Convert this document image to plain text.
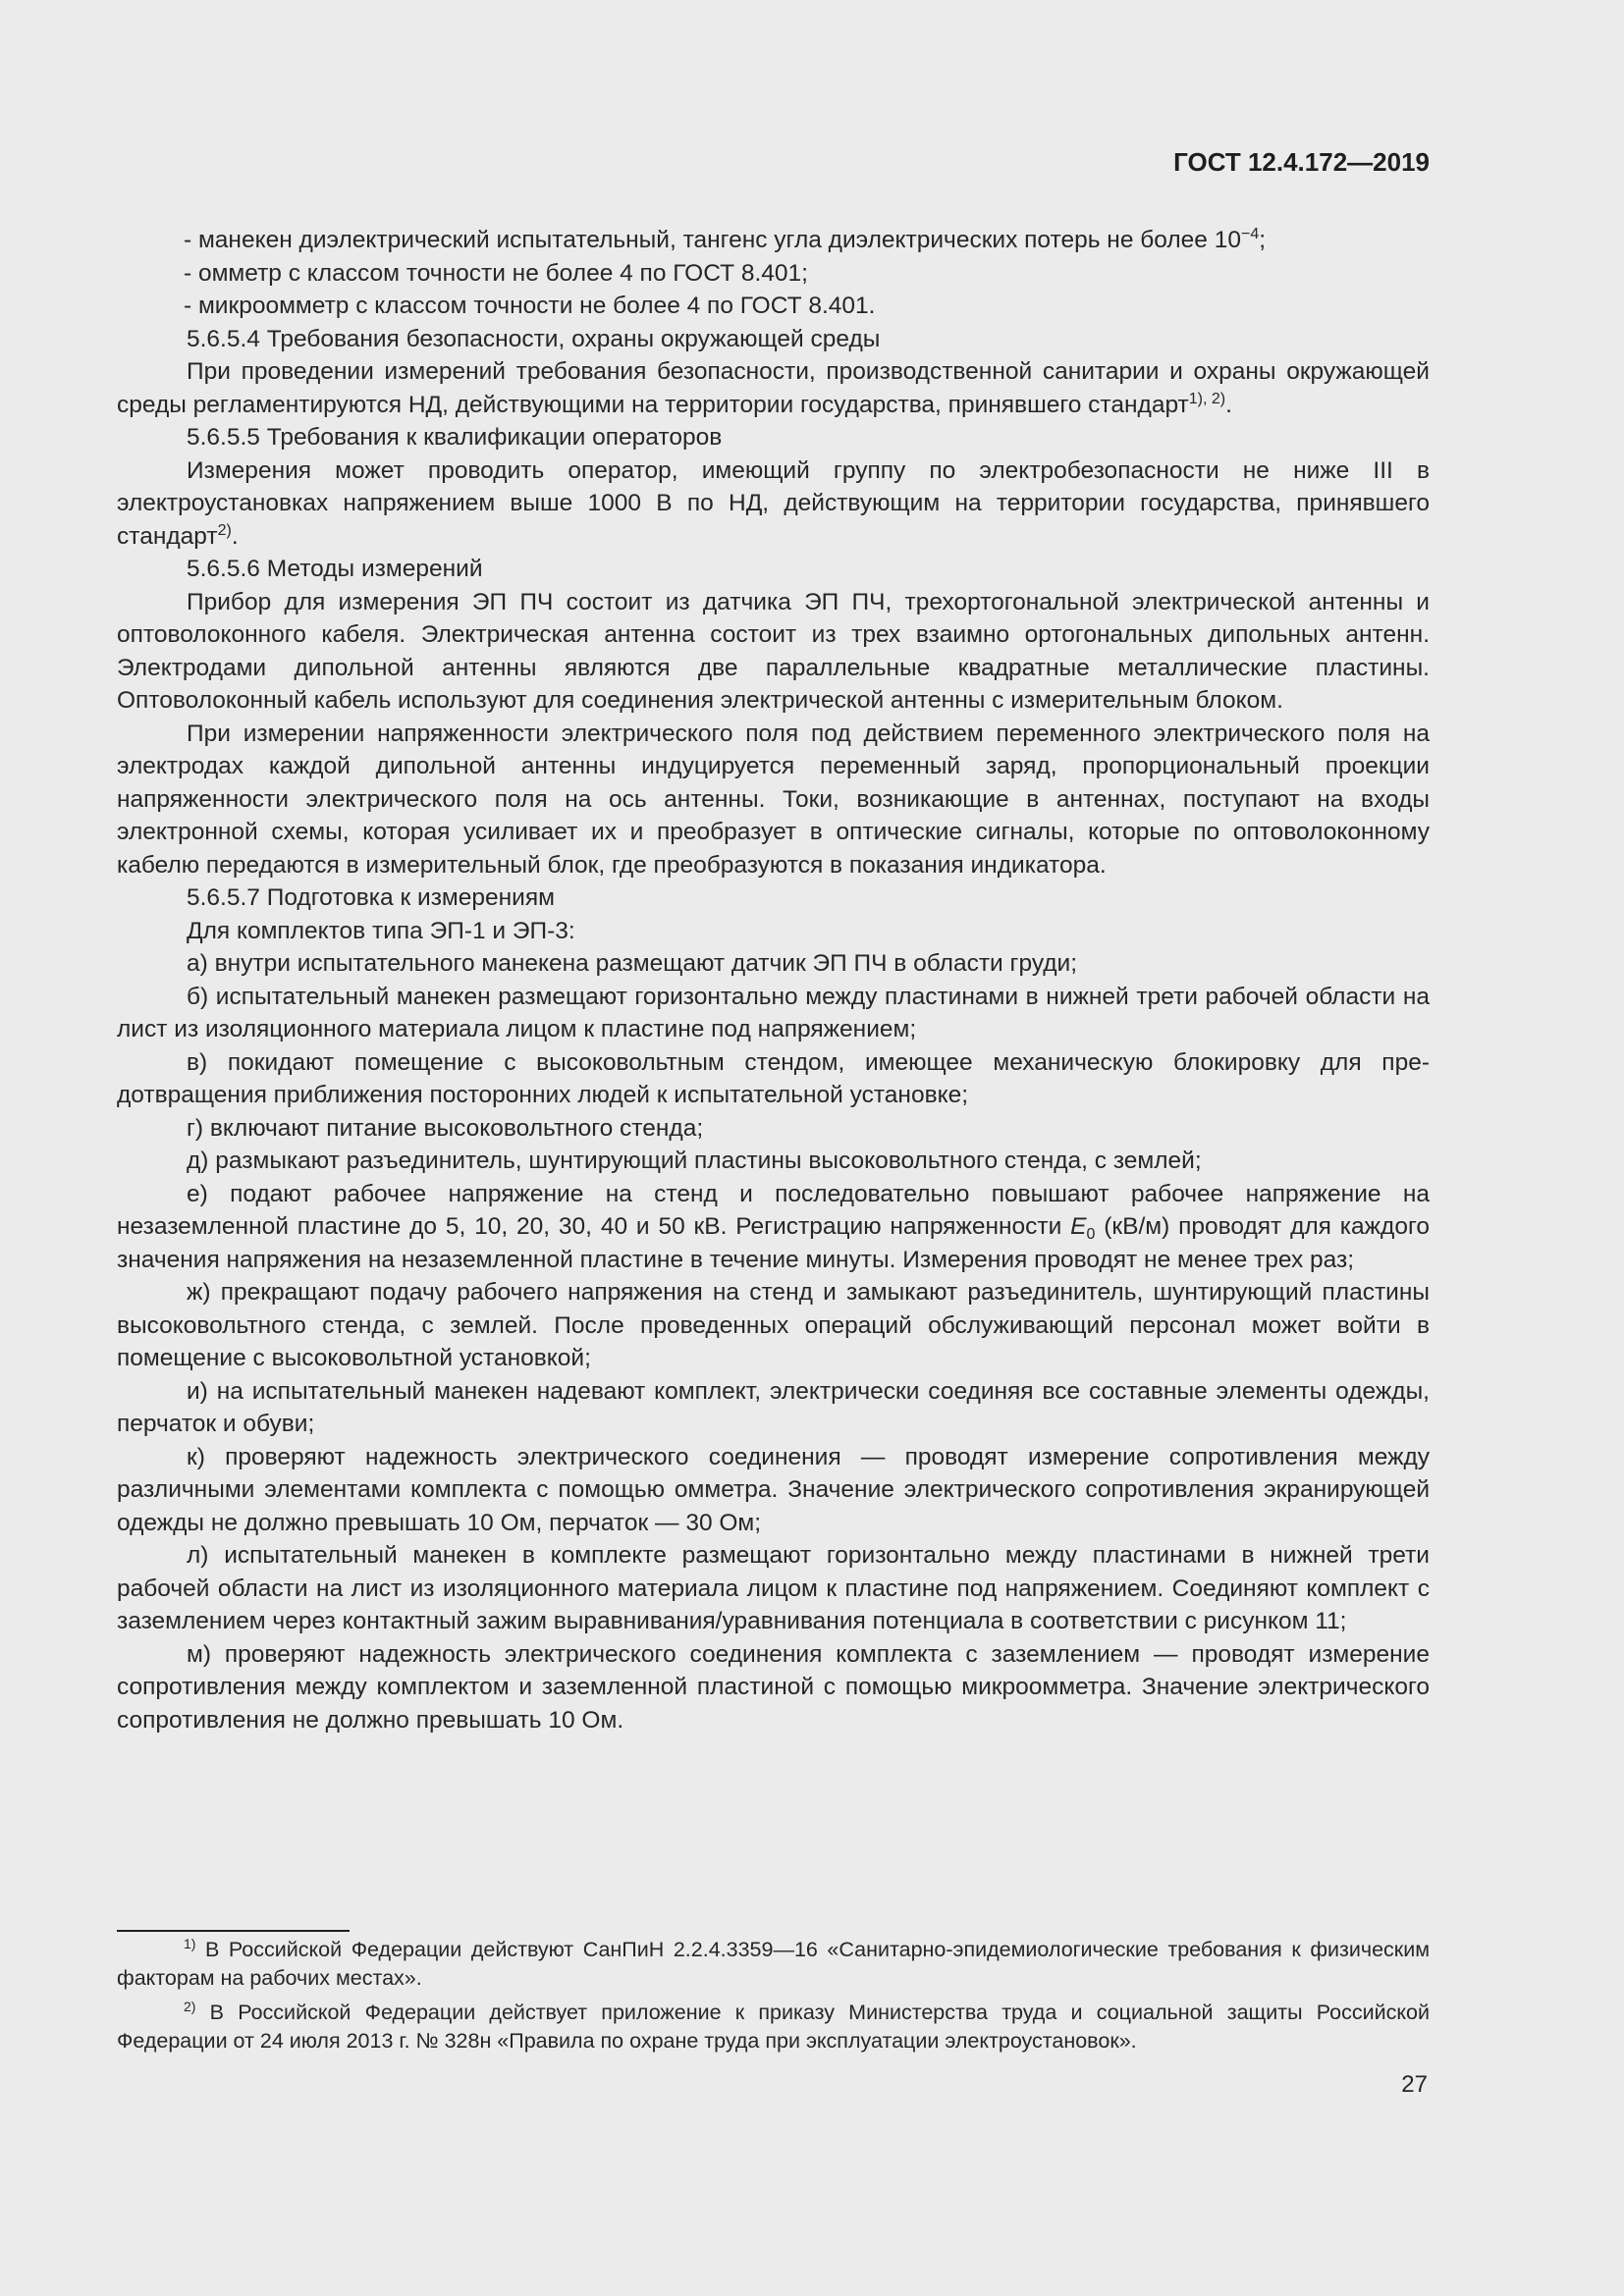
ГОСТ 12.4.172—2019

- манекен диэлектрический испытательный, тангенс угла диэлектрических потерь не более $10^{-4}$;

- омметр с классом точности не более 4 по ГОСТ 8.401;

- микроомметр с классом точности не более 4 по ГОСТ 8.401.

5.6.5.4 Требования безопасности, охраны окружающей среды

При проведении измерений требования безопасности, производственной санитарии и охраны окружающей среды регламентируются НД, действующими на территории государства, принявшего стандарт$^{1), 2)}$.

5.6.5.5 Требования к квалификации операторов

Измерения может проводить оператор, имеющий группу по электробезопасности не ниже III в электроустановках напряжением выше 1000 В по НД, действующим на территории государства, принявшего стандарт$^{2)}$.

5.6.5.6 Методы измерений

Прибор для измерения ЭП ПЧ состоит из датчика ЭП ПЧ, трехортогональной электрической антенны и оптоволоконного кабеля. Электрическая антенна состоит из трех взаимно ортогональных дипольных антенн. Электродами дипольной антенны являются две параллельные квадратные металлические пластины. Оптоволоконный кабель используют для соединения электрической антенны с измерительным блоком.

При измерении напряженности электрического поля под действием переменного электрического поля на электродах каждой дипольной антенны индуцируется переменный заряд, пропорциональный проекции напряженности электрического поля на ось антенны. Токи, возникающие в антеннах, поступают на входы электронной схемы, которая усиливает их и преобразует в оптические сигналы, которые по оптоволоконному кабелю передаются в измерительный блок, где преобразуются в показания индикатора.

5.6.5.7 Подготовка к измерениям

Для комплектов типа ЭП-1 и ЭП-3:

а) внутри испытательного манекена размещают датчик ЭП ПЧ в области груди;

б) испытательный манекен размещают горизонтально между пластинами в нижней трети рабочей области на лист из изоляционного материала лицом к пластине под напряжением;

в) покидают помещение с высоковольтным стендом, имеющее механическую блокировку для предотвращения приближения посторонних людей к испытательной установке;

г) включают питание высоковольтного стенда;

д) размыкают разъединитель, шунтирующий пластины высоковольтного стенда, с землей;

е) подают рабочее напряжение на стенд и последовательно повышают рабочее напряжение на незаземленной пластине до 5, 10, 20, 30, 40 и 50 кВ. Регистрацию напряженности $E_0$ (кВ/м) проводят для каждого значения напряжения на незаземленной пластине в течение минуты. Измерения проводят не менее трех раз;

ж) прекращают подачу рабочего напряжения на стенд и замыкают разъединитель, шунтирующий пластины высоковольтного стенда, с землей. После проведенных операций обслуживающий персонал может войти в помещение с высоковольтной установкой;

и) на испытательный манекен надевают комплект, электрически соединяя все составные элементы одежды, перчаток и обуви;

к) проверяют надежность электрического соединения — проводят измерение сопротивления между различными элементами комплекта с помощью омметра. Значение электрического сопротивления экранирующей одежды не должно превышать 10 Ом, перчаток — 30 Ом;

л) испытательный манекен в комплекте размещают горизонтально между пластинами в нижней трети рабочей области на лист из изоляционного материала лицом к пластине под напряжением. Соединяют комплект с заземлением через контактный зажим выравнивания/уравнивания потенциала в соответствии с рисунком 11;

м) проверяют надежность электрического соединения комплекта с заземлением — проводят измерение сопротивления между комплектом и заземленной пластиной с помощью микроомметра. Значение электрического сопротивления не должно превышать 10 Ом.

$^{1)}$ В Российской Федерации действуют СанПиН 2.2.4.3359—16 «Санитарно-эпидемиологические требования к физическим факторам на рабочих местах».

$^{2)}$ В Российской Федерации действует приложение к приказу Министерства труда и социальной защиты Российской Федерации от 24 июля 2013 г. № 328н «Правила по охране труда при эксплуатации электроустановок».

27
